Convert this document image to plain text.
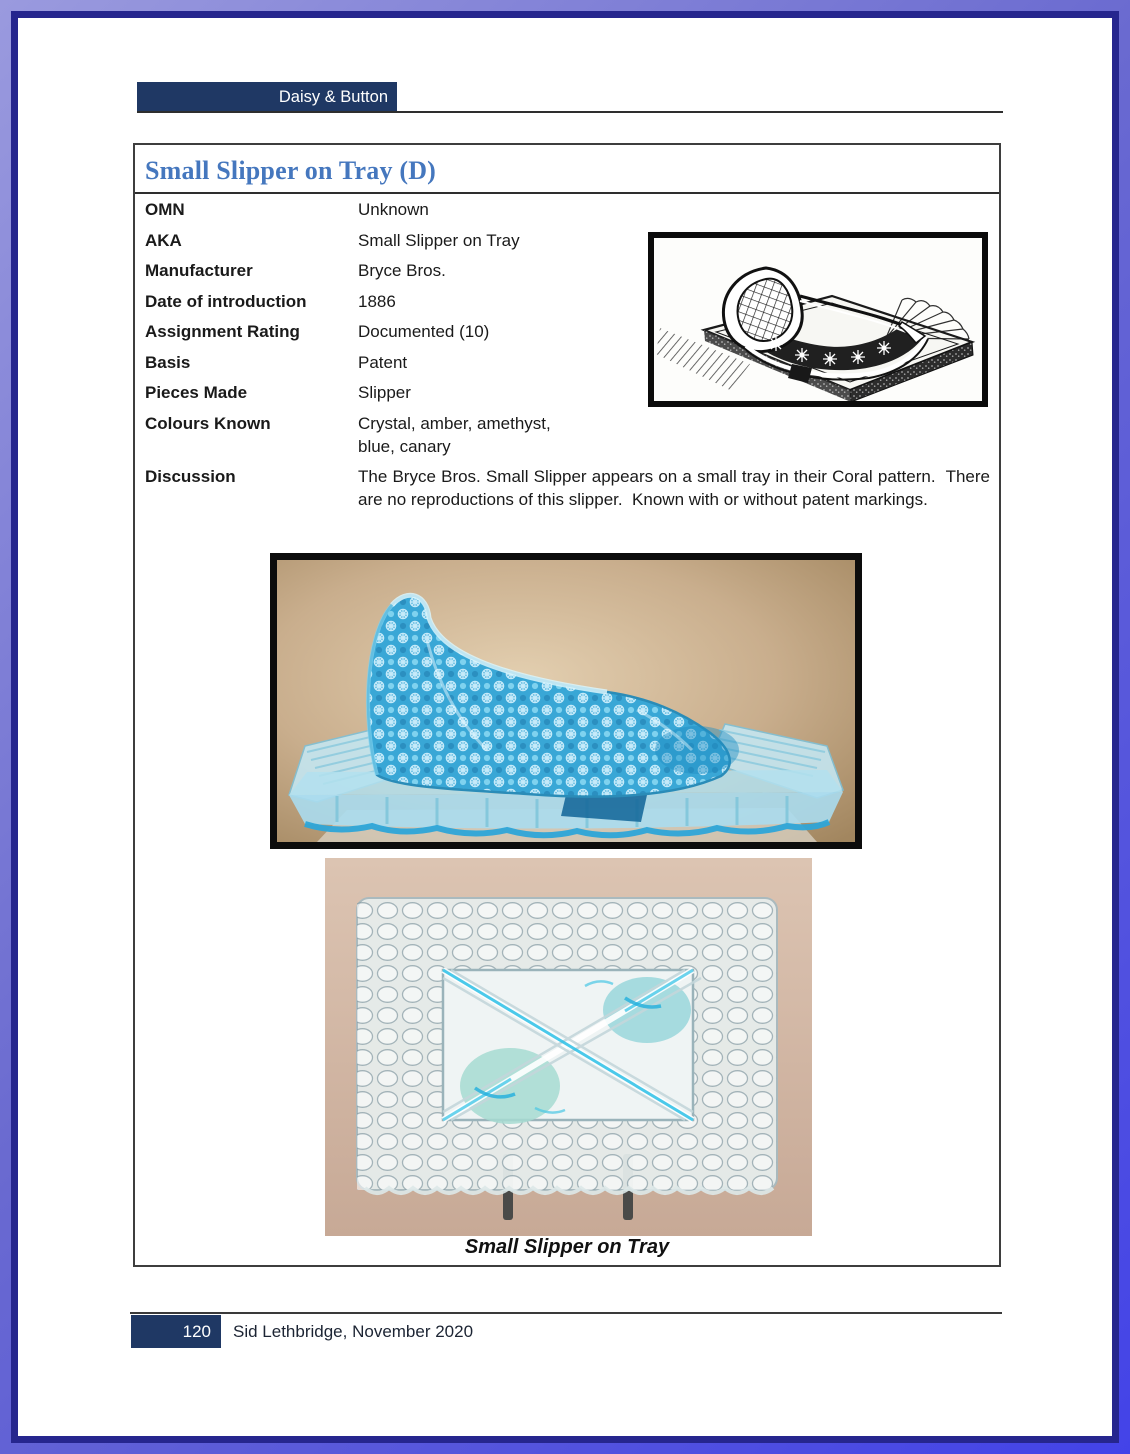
Daisy & Button
Small Slipper on Tray (D)
OMN	Unknown
AKA	Small Slipper on Tray
Manufacturer	Bryce Bros.
Date of introduction	1886
Assignment Rating	Documented (10)
Basis	Patent
Pieces Made	Slipper
Colours Known	Crystal, amber, amethyst, blue, canary
Discussion	The Bryce Bros. Small Slipper appears on a small tray in their Coral pattern.  There are no reproductions of this slipper.  Known with or without patent markings.
Small Slipper on Tray
120 Sid Lethbridge, November 2020
